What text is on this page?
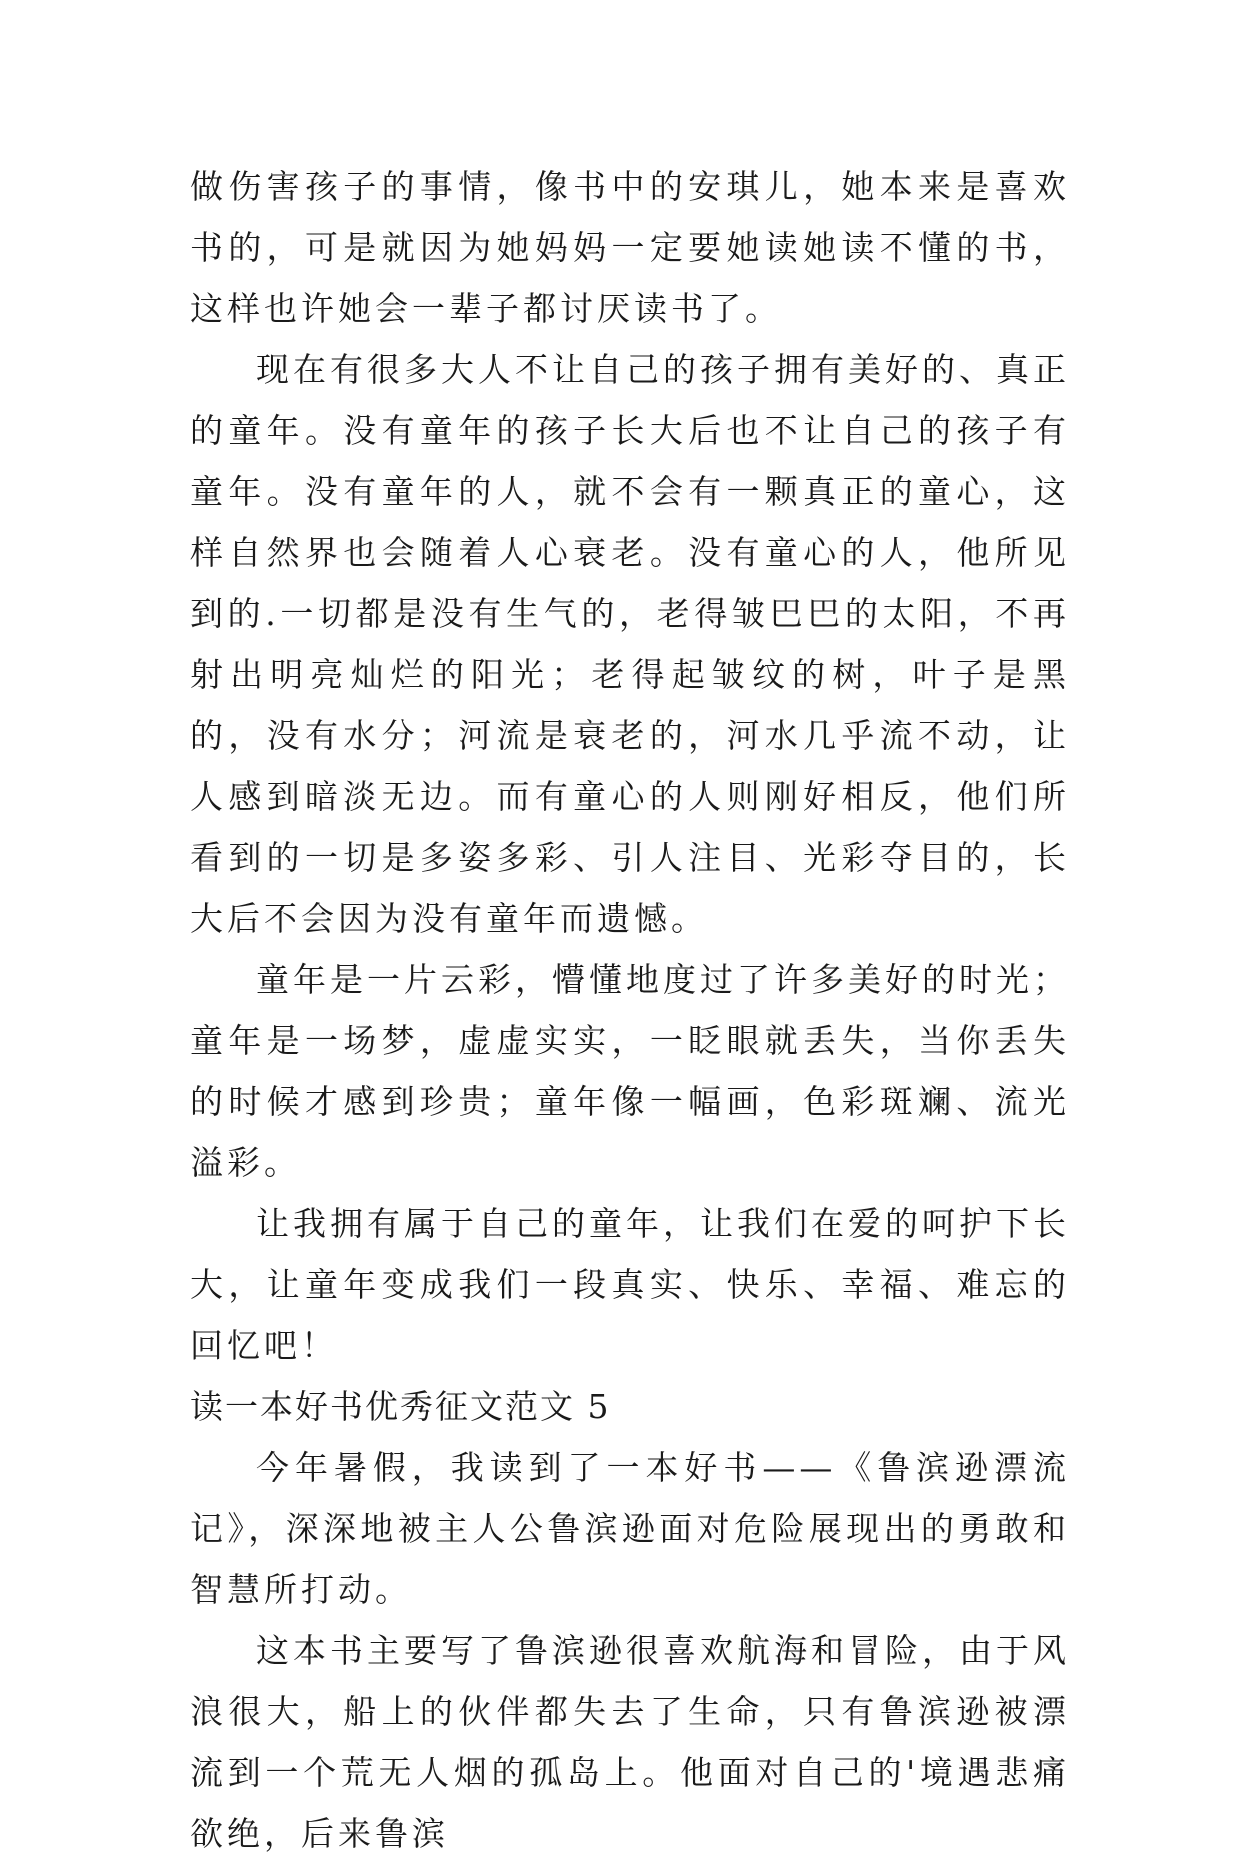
做伤害孩子的事情，像书中的安琪儿，她本来是喜欢书的，可是就因为她妈妈一定要她读她读不懂的书，这样也许她会一辈子都讨厌读书了。

现在有很多大人不让自己的孩子拥有美好的、真正的童年。没有童年的孩子长大后也不让自己的孩子有童年。没有童年的人，就不会有一颗真正的童心，这样自然界也会随着人心衰老。没有童心的人，他所见到的.一切都是没有生气的，老得皱巴巴的太阳，不再射出明亮灿烂的阳光；老得起皱纹的树，叶子是黑的，没有水分；河流是衰老的，河水几乎流不动，让人感到暗淡无边。而有童心的人则刚好相反，他们所看到的一切是多姿多彩、引人注目、光彩夺目的，长大后不会因为没有童年而遗憾。

童年是一片云彩，懵懂地度过了许多美好的时光；童年是一场梦，虚虚实实，一眨眼就丢失，当你丢失的时候才感到珍贵；童年像一幅画，色彩斑斓、流光溢彩。

让我拥有属于自己的童年，让我们在爱的呵护下长大，让童年变成我们一段真实、快乐、幸福、难忘的回忆吧！

读一本好书优秀征文范文 5

今年暑假，我读到了一本好书——《鲁滨逊漂流记》，深深地被主人公鲁滨逊面对危险展现出的勇敢和智慧所打动。

这本书主要写了鲁滨逊很喜欢航海和冒险，由于风浪很大，船上的伙伴都失去了生命，只有鲁滨逊被漂流到一个荒无人烟的孤岛上。他面对自己的'境遇悲痛欲绝，后来鲁滨
